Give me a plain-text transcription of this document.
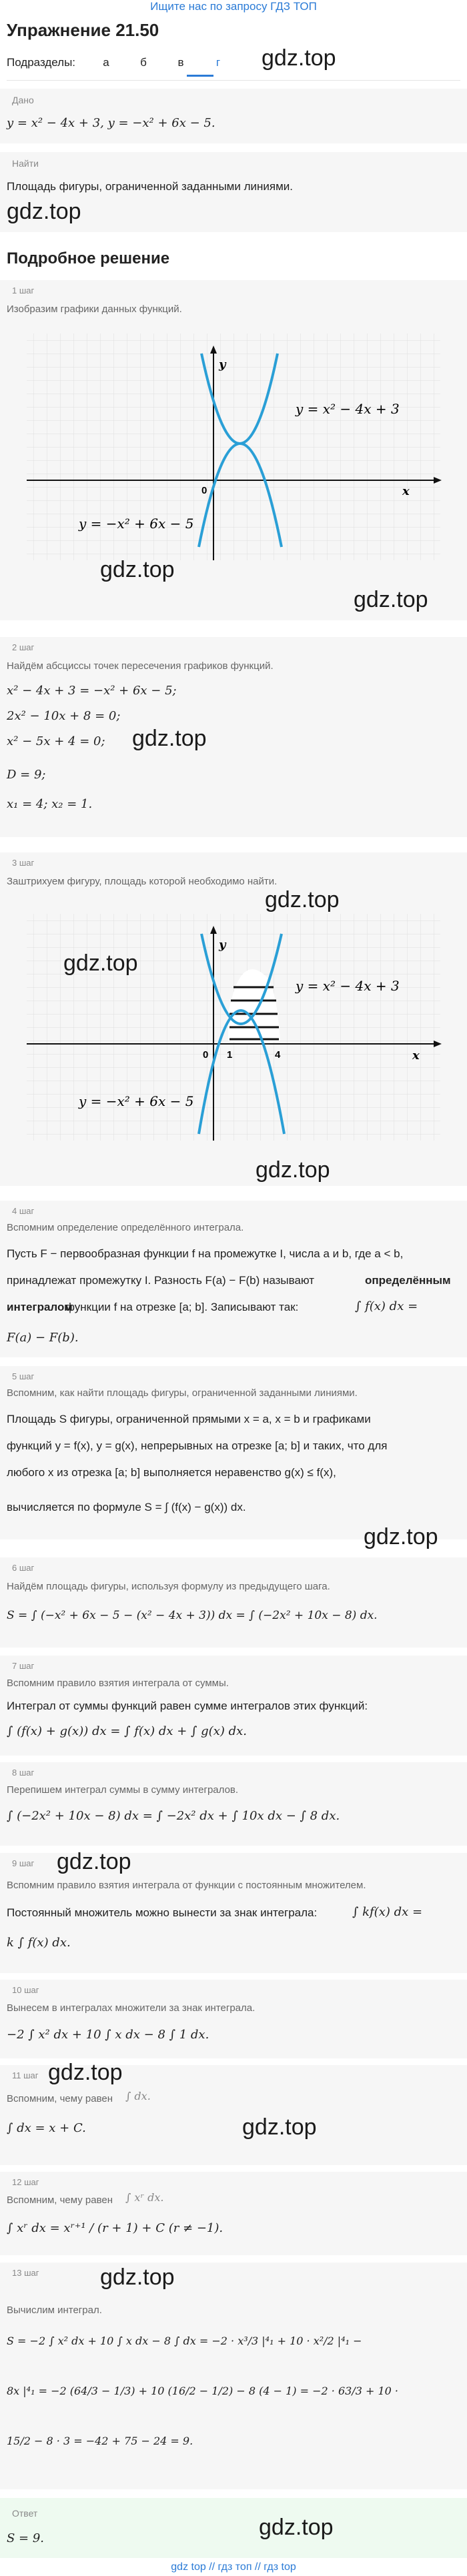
Ищите нас по запросу ГДЗ ТОП
Упражнение 21.50
Подразделы:	а	б	в	г	gdz.top
Дано
y = x² − 4x + 3, y = −x² + 6x − 5.
Найти
Площадь фигуры, ограниченной заданными линиями.
gdz.top
Подробное решение
1 шаг
Изобразим графики данных функций.
y
x
0
y = x² − 4x + 3
y = −x² + 6x − 5
gdz.top
gdz.top
2 шаг
Найдём абсциссы точек пересечения графиков функций.
x² − 4x + 3 = −x² + 6x − 5;
2x² − 10x + 8 = 0;
x² − 5x + 4 = 0;
D = 9;
x₁ = 4; x₂ = 1.
gdz.top
3 шаг
Заштрихуем фигуру, площадь которой необходимо найти.
gdz.top
y
x
0 1	4
y = x² − 4x + 3
y = −x² + 6x − 5
gdz.top
gdz.top
4 шаг
Вспомним определение определённого интеграла.
Пусть F − первообразная функции f на промежутке I, числа a и b, где a < b,
принадлежат промежутку I. Разность F(a) − F(b) называют	определённым
интегралом
функции f на отрезке [a; b]. Записывают так:	∫ f(x) dx =
F(a) − F(b).
5 шаг
Вспомним, как найти площадь фигуры, ограниченной заданными линиями.
Площадь S фигуры, ограниченной прямыми x = a, x = b и графиками
функций y = f(x), y = g(x), непрерывных на отрезке [a; b] и таких, что для
любого x из отрезка [a; b] выполняется неравенство g(x) ≤ f(x),
вычисляется по формуле S = ∫ (f(x) − g(x)) dx.
gdz.top
6 шаг
Найдём площадь фигуры, используя формулу из предыдущего шага.
S = ∫ (−x² + 6x − 5 − (x² − 4x + 3)) dx = ∫ (−2x² + 10x − 8) dx.
7 шаг
Вспомним правило взятия интеграла от суммы.
Интеграл от суммы функций равен сумме интегралов этих функций:
∫ (f(x) + g(x)) dx = ∫ f(x) dx + ∫ g(x) dx.
8 шаг
Перепишем интеграл суммы в сумму интегралов.
∫ (−2x² + 10x − 8) dx = ∫ −2x² dx + ∫ 10x dx − ∫ 8 dx.
9 шаг gdz.top
Вспомним правило взятия интеграла от функции с постоянным множителем.
Постоянный множитель можно вынести за знак интеграла:	∫ kf(x) dx =
k ∫ f(x) dx.
10 шаг
Вынесем в интегралах множители за знак интеграла.
−2 ∫ x² dx + 10 ∫ x dx − 8 ∫ 1 dx.
11 шаг gdz.top
Вспомним, чему равен ∫ dx.
∫ dx = x + C.	gdz.top
12 шаг
Вспомним, чему равен ∫ xʳ dx.
∫ xʳ dx = xʳ⁺¹ / (r + 1) + C (r ≠ −1).
13 шаг	gdz.top
Вычислим интеграл.
S = −2 ∫ x² dx + 10 ∫ x dx − 8 ∫ dx = −2 · x³/3 |⁴₁ + 10 · x²/2 |⁴₁ −
8x |⁴₁ = −2 (64/3 − 1/3) + 10 (16/2 − 1/2) − 8 (4 − 1) = −2 · 63/3 + 10 ·
15/2 − 8 · 3 = −42 + 75 − 24 = 9.
Ответ
S = 9.	gdz.top
gdz top // гдз топ // гдз top
